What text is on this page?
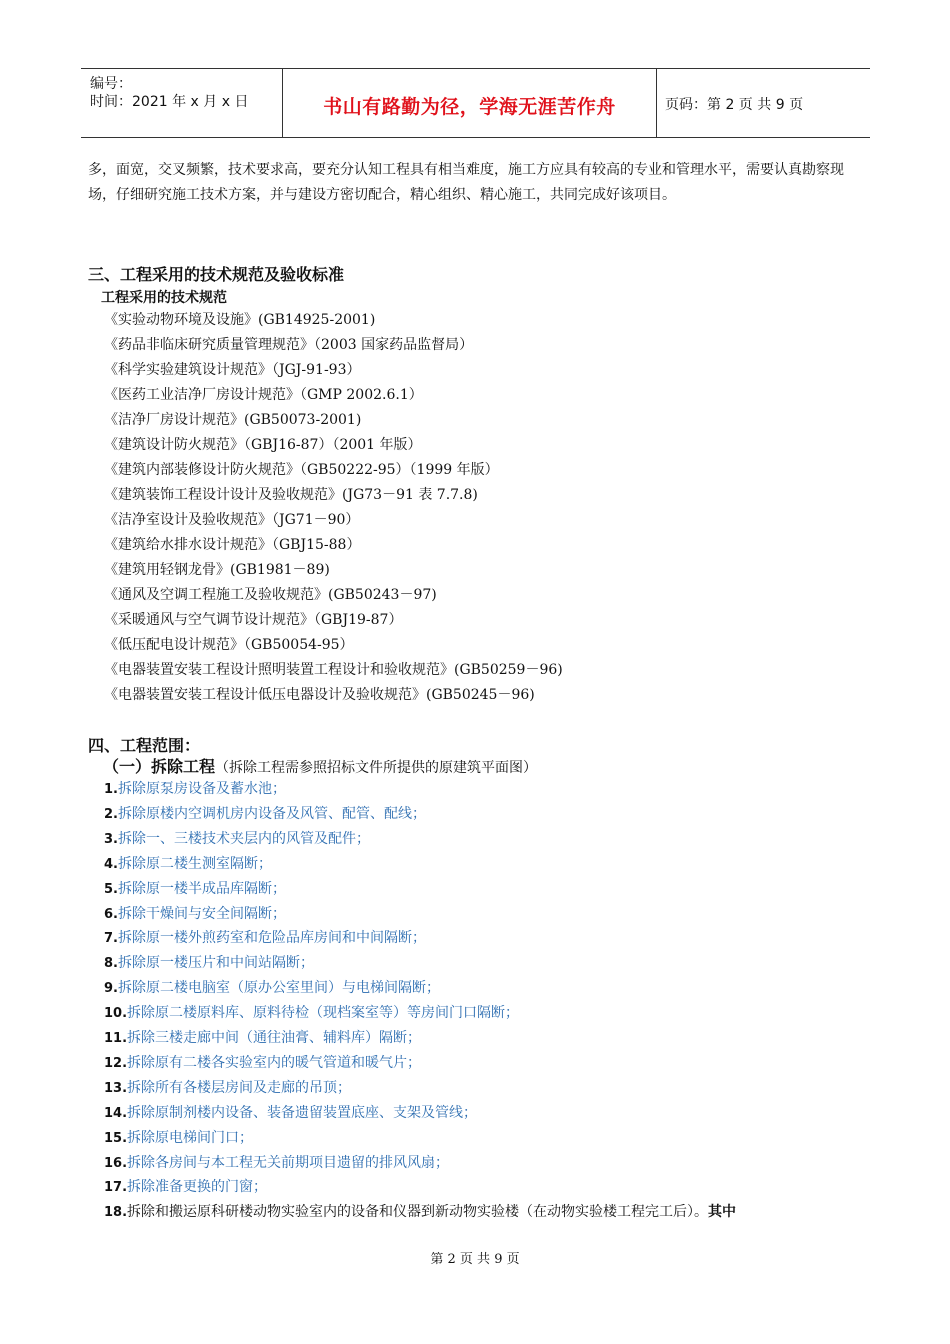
编号：
时间：2021 年 x 月 x 日	书山有路勤为径，学海无涯苦作舟	页码：第 2 页 共 9 页
多，面宽，交叉频繁，技术要求高，要充分认知工程具有相当难度，施工方应具有较高的专业和管理水平，需要认真勘察现场，仔细研究施工技术方案，并与建设方密切配合，精心组织、精心施工，共同完成好该项目。
三、工程采用的技术规范及验收标准
工程采用的技术规范
《实验动物环境及设施》(GB14925-2001)
《药品非临床研究质量管理规范》（2003 国家药品监督局）
《科学实验建筑设计规范》（JGJ-91-93）
《医药工业洁净厂房设计规范》（GMP 2002.6.1）
《洁净厂房设计规范》(GB50073-2001)
《建筑设计防火规范》（GBJ16-87）（2001 年版）
《建筑内部装修设计防火规范》（GB50222-95）（1999 年版）
《建筑装饰工程设计设计及验收规范》(JG73－91 表 7.7.8)
《洁净室设计及验收规范》（JG71－90）
《建筑给水排水设计规范》（GBJ15-88）
《建筑用轻钢龙骨》(GB1981－89)
《通风及空调工程施工及验收规范》(GB50243－97)
《采暖通风与空气调节设计规范》（GBJ19-87）
《低压配电设计规范》（GB50054-95）
《电器装置安装工程设计照明装置工程设计和验收规范》(GB50259－96)
《电器装置安装工程设计低压电器设计及验收规范》(GB50245－96)
四、工程范围：
（一）拆除工程（拆除工程需参照招标文件所提供的原建筑平面图）
1.拆除原泵房设备及蓄水池；
2.拆除原楼内空调机房内设备及风管、配管、配线；
3.拆除一、三楼技术夹层内的风管及配件；
4.拆除原二楼生测室隔断；
5.拆除原一楼半成品库隔断；
6.拆除干燥间与安全间隔断；
7.拆除原一楼外煎药室和危险品库房间和中间隔断；
8.拆除原一楼压片和中间站隔断；
9.拆除原二楼电脑室（原办公室里间）与电梯间隔断；
10.拆除原二楼原料库、原料待检（现档案室等）等房间门口隔断；
11.拆除三楼走廊中间（通往油膏、辅料库）隔断；
12.拆除原有二楼各实验室内的暖气管道和暖气片；
13.拆除所有各楼层房间及走廊的吊顶；
14.拆除原制剂楼内设备、装备遗留装置底座、支架及管线；
15.拆除原电梯间门口；
16.拆除各房间与本工程无关前期项目遗留的排风风扇；
17.拆除准备更换的门窗；
18.拆除和搬运原科研楼动物实验室内的设备和仪器到新动物实验楼（在动物实验楼工程完工后）。其中
第 2 页 共 9 页
